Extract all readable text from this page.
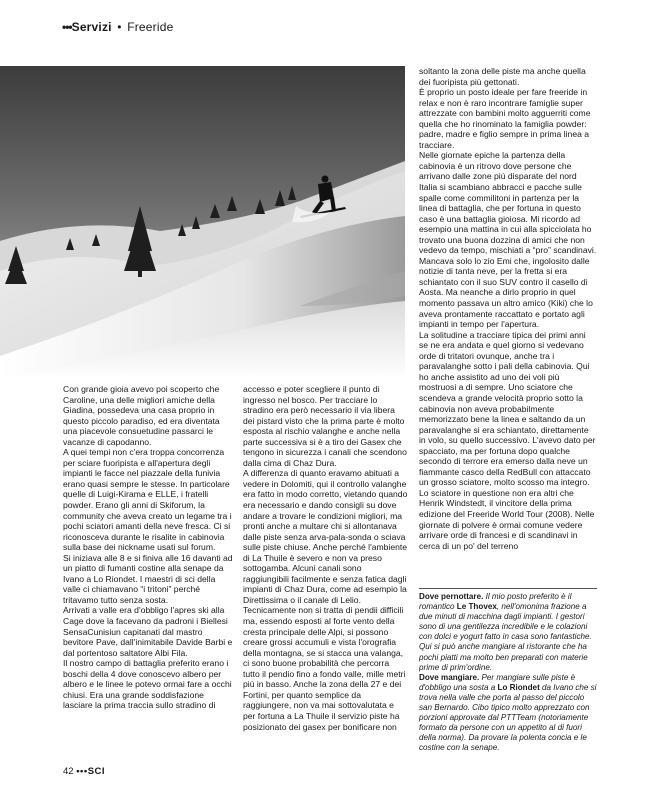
•••Servizi • Freeride

Con grande gioia avevo poi scoperto che Caroline, una delle migliori amiche della Giadina, possedeva una casa proprio in questo piccolo paradiso, ed era diventata una piacevole consuetudine passarci le vacanze di capodanno.

A quei tempi non c'era troppa concorrenza per sciare fuoripista e all'apertura degli impianti le facce nel piazzale della funivia erano quasi sempre le stesse. In particolare quelle di Luigi-Kirama e ELLE, i fratelli powder. Erano gli anni di Skiforum, la community che aveva creato un legame tra i pochi sciatori amanti della neve fresca. Ci si riconosceva durante le risalite in cabinovia sulla base dei nickname usati sul forum.

Si iniziava alle 8 e si finiva alle 16 davanti ad un piatto di fumanti costine alla senape da Ivano a Lo Riondet. I maestri di sci della valle ci chiamavano “i tritoni” perché tritavamo tutto senza sosta.

Arrivati a valle era d'obbligo l'apres ski alla Cage dove la facevano da padroni i Biellesi SensaCunisiun capitanati dal mastro bevitore Pave, dall'inimitabile Davide Barbi e dal portentoso saltatore Albi Fila.

Il nostro campo di battaglia preferito erano i boschi della 4 dove conoscevo albero per albero e le linee le potevo ormai fare a occhi chiusi. Era una grande soddisfazione lasciare la prima traccia sullo stradino di

accesso e poter scegliere il punto di ingresso nel bosco. Per tracciare lo stradino era però necessario il via libera dei pistard visto che la prima parte è molto esposta al rischio valanghe e anche nella parte successiva si è a tiro dei Gasex che tengono in sicurezza i canali che scendono dalla cima di Chaz Dura.

A differenza di quanto eravamo abituati a vedere in Dolomiti, qui il controllo valanghe era fatto in modo corretto, vietando quando era necessario e dando consigli su dove andare a trovare le condizioni migliori, ma pronti anche a multare chi si allontanava dalle piste senza arva-pala-sonda o sciava sulle piste chiuse. Anche perché l'ambiente di La Thuile è severo e non va preso sottogamba. Alcuni canali sono raggiungibili facilmente e senza fatica dagli impianti di Chaz Dura, come ad esempio la Direttissima o il canale di Lelio. Tecnicamente non si tratta di pendii difficili ma, essendo esposti al forte vento della cresta principale delle Alpi, si possono creare grossi accumuli e vista l'orografia della montagna, se si stacca una valanga, ci sono buone probabilità che percorra tutto il pendio fino a fondo valle, mille metri più in basso. Anche la zona della 27 e dei Fortini, per quanto semplice da raggiungere, non va mai sottovalutata e per fortuna a La Thuile il servizio piste ha posizionato dei gasex per bonificare non

soltanto la zona delle piste ma anche quella dei fuoripista più gettonati.

È proprio un posto ideale per fare freeride in relax e non è raro incontrare famiglie super attrezzate con bambini molto agguerriti come quella che ho rinominato la famiglia powder: padre, madre e figlio sempre in prima linea a tracciare.

Nelle giornate epiche la partenza della cabinovia è un ritrovo dove persone che arrivano dalle zone più disparate del nord Italia si scambiano abbracci e pacche sulle spalle come commilitoni in partenza per la linea di battaglia, che per fortuna in questo caso è una battaglia gioiosa. Mi ricordo ad esempio una mattina in cui alla spicciolata ho trovato una buona dozzina di amici che non vedevo da tempo, mischiati a “pro” scandinavi. Mancava solo lo zio Emi che, ingolosito dalle notizie di tanta neve, per la fretta si era schiantato con il suo SUV contro il casello di Aosta. Ma neanche a dirlo proprio in quel momento passava un altro amico (Kiki) che lo aveva prontamente raccattato e portato agli impianti in tempo per l'apertura.

La solitudine a tracciare tipica dei primi anni se ne era andata e quel giorno si vedevano orde di tritatori ovunque, anche tra i paravalanghe sotto i pali della cabinovia. Qui ho anche assistito ad uno dei voli più mostruosi a di sempre. Uno sciatore che scendeva a grande velocità proprio sotto la cabinovia non aveva probabilmente memorizzato bene la linea e saltando da un paravalanghe si era schiantato, direttamente in volo, su quello successivo. L'avevo dato per spacciato, ma per fortuna dopo qualche secondo di terrore era emerso dalla neve un fiammante casco della RedBull con attaccato un grosso sciatore, molto scosso ma integro. Lo sciatore in questione non era altri che Henrik Windstedt, il vincitore della prima edizione del Freeride World Tour (2008). Nelle giornate di polvere è ormai comune vedere arrivare orde di francesi e di scandinavi in cerca di un po' del terreno

Dove pernottare. Il mio posto preferito è il romantico Le Thovex, nell'omonima frazione a due minuti di macchina dagli impianti. I gestori sono di una gentilezza incredibile e le colazioni con dolci e yogurt fatto in casa sono fantastiche. Qui si può anche mangiare al ristorante che ha pochi piatti ma molto ben preparati con materie prime di prim'ordine.

Dove mangiare. Per mangiare sulle piste è d'obbligo una sosta a Lo Riondet da Ivano che si trova nella valle che porta al passo del piccolo san Bernardo. Cibo tipico molto apprezzato con porzioni approvate dal PTTTeam (notoriamente formato da persone con un appetito al di fuori della norma). Da provare la polenta concia e le costine con la senape.

42 •••SCI
